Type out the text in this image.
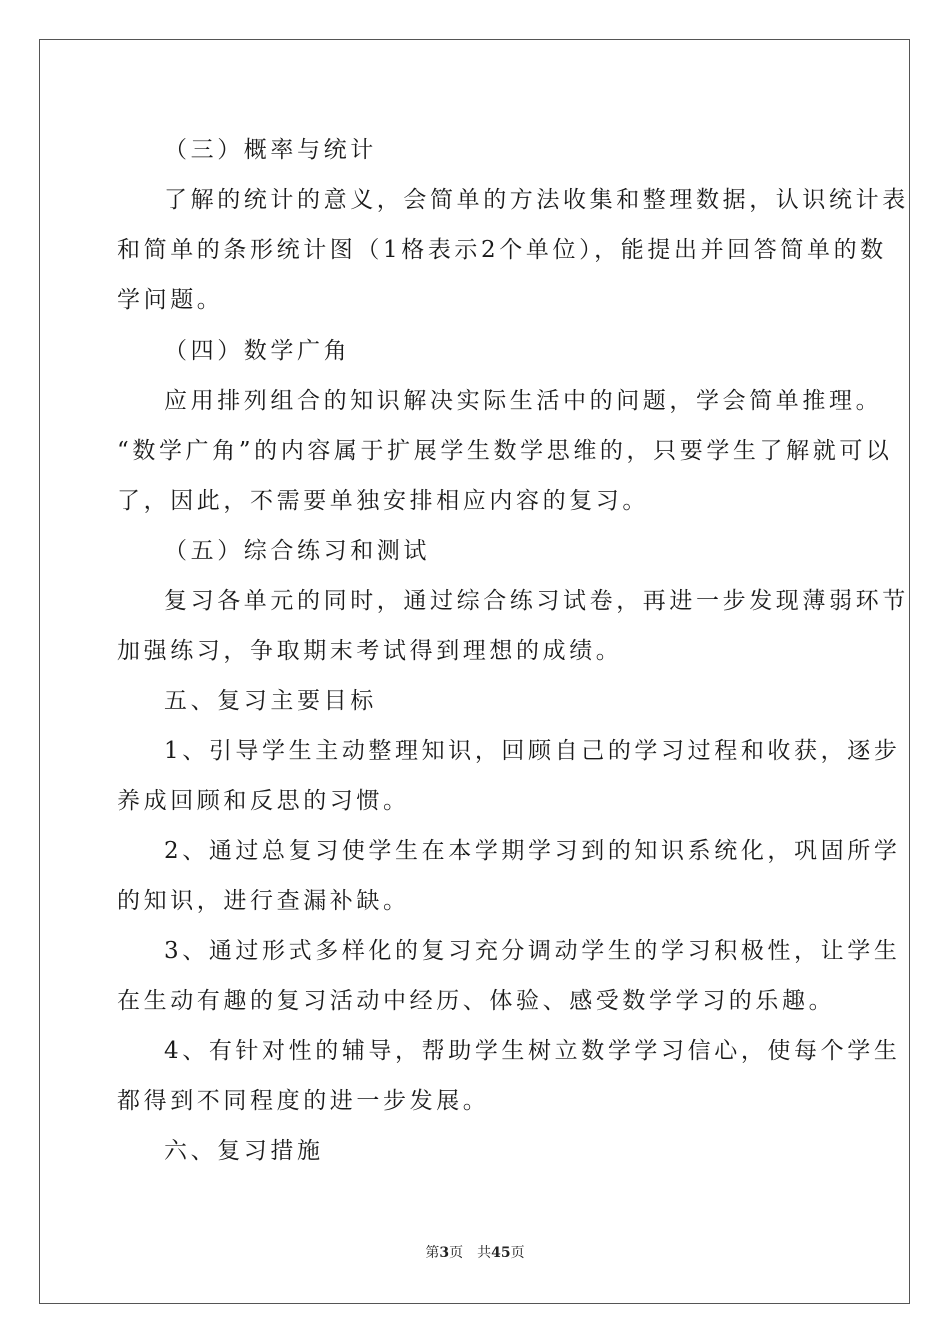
（三）概率与统计

了解的统计的意义，会简单的方法收集和整理数据，认识统计表

和简单的条形统计图（1格表示2个单位），能提出并回答简单的数

学问题。

（四）数学广角

应用排列组合的知识解决实际生活中的问题，学会简单推理。

“数学广角”的内容属于扩展学生数学思维的，只要学生了解就可以

了，因此，不需要单独安排相应内容的复习。

（五）综合练习和测试

复习各单元的同时，通过综合练习试卷，再进一步发现薄弱环节

加强练习，争取期末考试得到理想的成绩。

五、复习主要目标

1、引导学生主动整理知识，回顾自己的学习过程和收获，逐步

养成回顾和反思的习惯。

2、通过总复习使学生在本学期学习到的知识系统化，巩固所学

的知识，进行查漏补缺。

3、通过形式多样化的复习充分调动学生的学习积极性，让学生

在生动有趣的复习活动中经历、体验、感受数学学习的乐趣。

4、有针对性的辅导，帮助学生树立数学学习信心，使每个学生

都得到不同程度的进一步发展。

六、复习措施

第3页　共45页
